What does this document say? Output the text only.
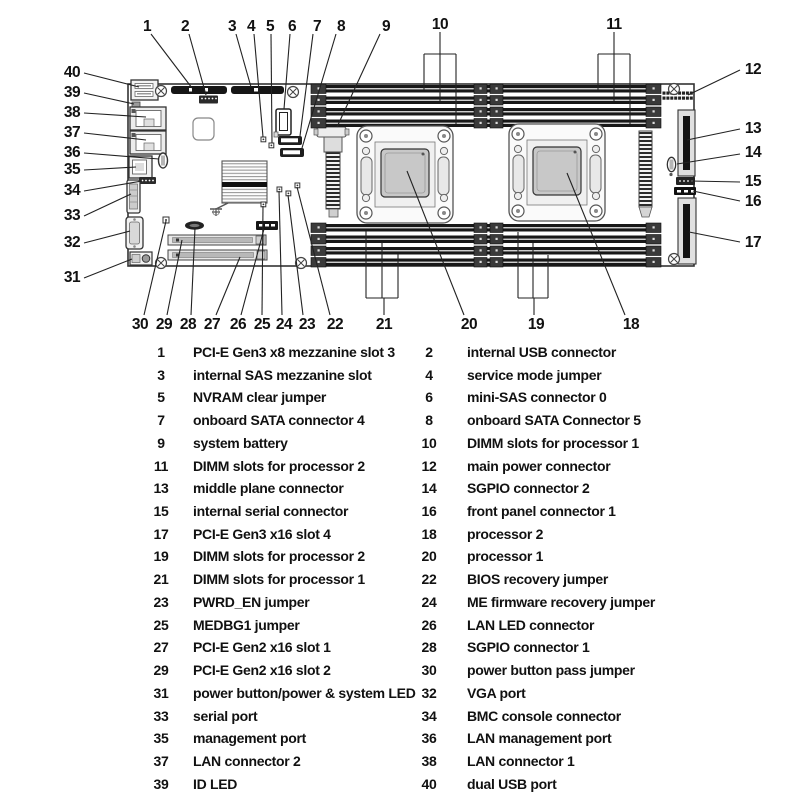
1 2	3 4 5 6 7 8 9	10	11
12
13
14
15
16
17
18
19
20
21
22
23
24
25
26
27
28
29
30
31
32
33
34
35
36
37
38
39
40
1	PCI-E Gen3 x8 mezzanine slot 3	2	internal USB connector
3	internal SAS mezzanine slot	4	service mode jumper
5	NVRAM clear jumper	6	mini-SAS connector 0
7	onboard SATA connector 4	8	onboard SATA Connector 5
9	system battery	10	DIMM slots for processor 1
11	DIMM slots for processor 2	12	main power connector
13	middle plane connector	14	SGPIO connector 2
15	internal serial connector	16	front panel connector 1
17	PCI-E Gen3 x16 slot 4	18	processor 2
19	DIMM slots for processor 2	20	processor 1
21	DIMM slots for processor 1	22	BIOS recovery jumper
23	PWRD_EN jumper	24	ME firmware recovery jumper
25	MEDBG1 jumper	26	LAN LED connector
27	PCI-E Gen2 x16 slot 1	28	SGPIO connector 1
29	PCI-E Gen2 x16 slot 2	30	power button pass jumper
31	power button/power & system LED 32	VGA port
33	serial port	34	BMC console connector
35	management port	36	LAN management port
37	LAN connector 2	38	LAN connector 1
39	ID LED	40	dual USB port
